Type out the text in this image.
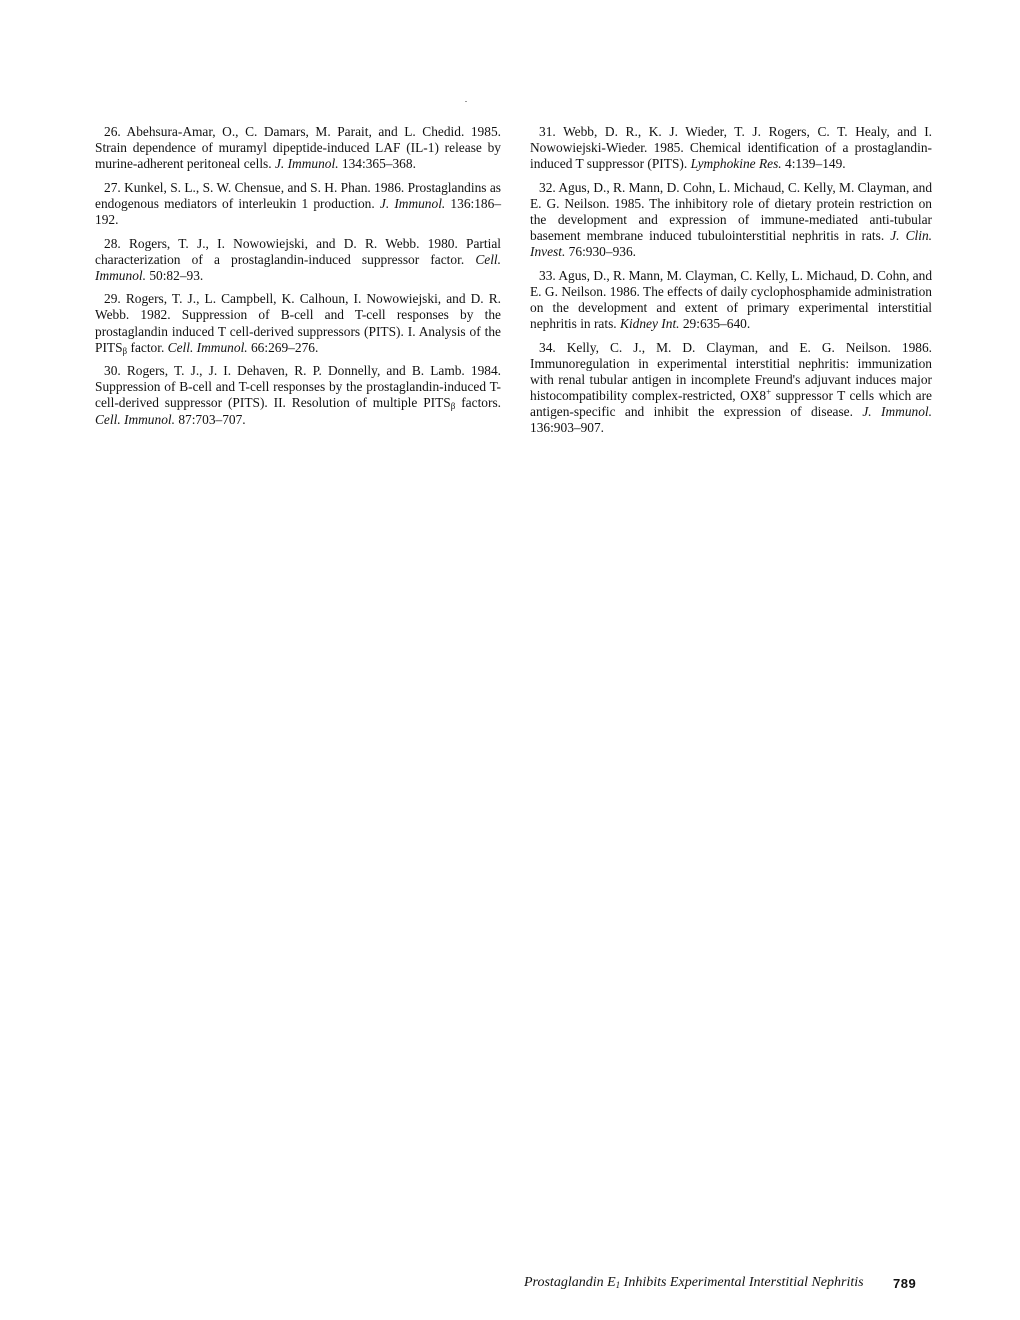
26. Abehsura-Amar, O., C. Damars, M. Parait, and L. Chedid. 1985. Strain dependence of muramyl dipeptide-induced LAF (IL-1) release by murine-adherent peritoneal cells. J. Immunol. 134:365–368.

27. Kunkel, S. L., S. W. Chensue, and S. H. Phan. 1986. Prostaglandins as endogenous mediators of interleukin 1 production. J. Immunol. 136:186–192.

28. Rogers, T. J., I. Nowowiejski, and D. R. Webb. 1980. Partial characterization of a prostaglandin-induced suppressor factor. Cell. Immunol. 50:82–93.

29. Rogers, T. J., L. Campbell, K. Calhoun, I. Nowowiejski, and D. R. Webb. 1982. Suppression of B-cell and T-cell responses by the prostaglandin induced T cell-derived suppressors (PITS). I. Analysis of the $PITS_\beta$ factor. Cell. Immunol. 66:269–276.

30. Rogers, T. J., J. I. Dehaven, R. P. Donnelly, and B. Lamb. 1984. Suppression of B-cell and T-cell responses by the prostaglandin-induced T-cell-derived suppressor (PITS). II. Resolution of multiple $PITS_\beta$ factors. Cell. Immunol. 87:703–707.

31. Webb, D. R., K. J. Wieder, T. J. Rogers, C. T. Healy, and I. Nowowiejski-Wieder. 1985. Chemical identification of a prostaglandin-induced T suppressor (PITS). Lymphokine Res. 4:139–149.

32. Agus, D., R. Mann, D. Cohn, L. Michaud, C. Kelly, M. Clayman, and E. G. Neilson. 1985. The inhibitory role of dietary protein restriction on the development and expression of immune-mediated anti-tubular basement membrane induced tubulointerstitial nephritis in rats. J. Clin. Invest. 76:930–936.

33. Agus, D., R. Mann, M. Clayman, C. Kelly, L. Michaud, D. Cohn, and E. G. Neilson. 1986. The effects of daily cyclophosphamide administration on the development and extent of primary experimental interstitial nephritis in rats. Kidney Int. 29:635–640.

34. Kelly, C. J., M. D. Clayman, and E. G. Neilson. 1986. Immunoregulation in experimental interstitial nephritis: immunization with renal tubular antigen in incomplete Freund's adjuvant induces major histocompatibility complex-restricted, OX8+ suppressor T cells which are antigen-specific and inhibit the expression of disease. J. Immunol. 136:903–907.

Prostaglandin $E_1$ Inhibits Experimental Interstitial Nephritis 789
